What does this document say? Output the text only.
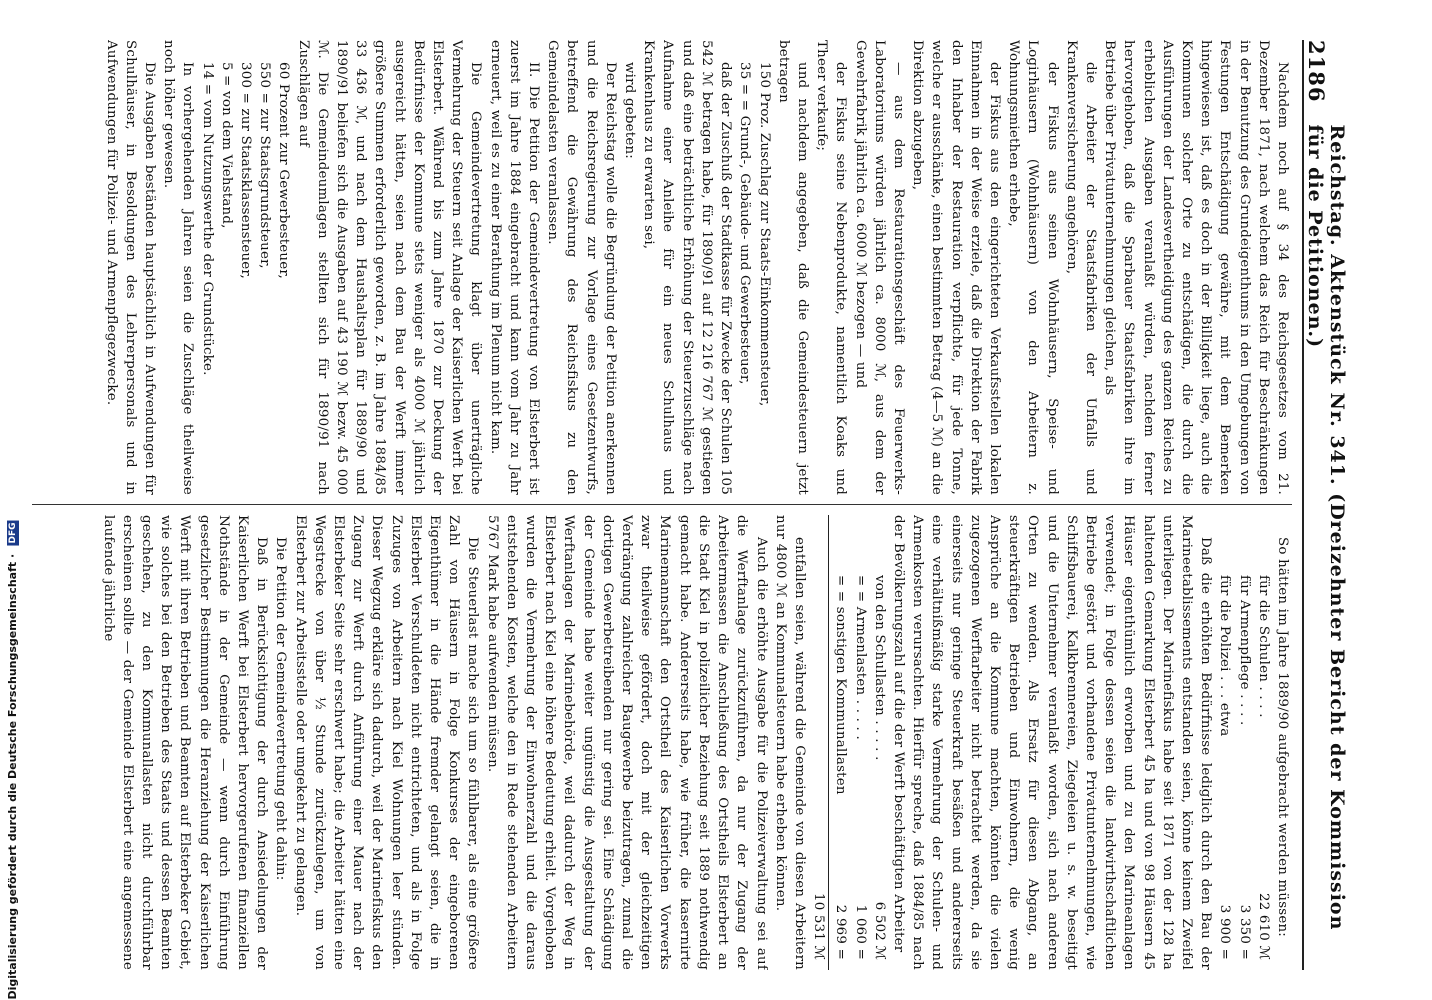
2186
Reichstag. Aktenstück Nr. 341. (Dreizehnter Bericht der Kommission für die Petitionen.)

Nachdem noch auf § 34 des Reichsgesetzes vom 21. Dezember 1871, nach welchem das Reich für Beschränkungen in der Benutzung des Grundeigenthums in den Umgebungen von Festungen Entschädigung gewähre, mit dem Bemerken hingewiesen ist, daß es doch in der Billigkeit liege, auch die Kommunen solcher Orte zu entschädigen, die durch die Ausführungen der Landesvertheidigung des ganzen Reiches zu erheblichen Ausgaben veranlaßt würden, nachdem ferner hervorgehoben, daß die Sparbauer Staatsfabriken ihre im Betriebe über Privatunternehmungen gleichen, als

die Arbeiter der Staatsfabriken der Unfalls und Krankenversicherung angehören,

der Fiskus aus seinen Wohnhäusern, Speise- und Logirhäusern (Wohnhäusern) von den Arbeitern z. Wohnungsmiethen erhebe,

der Fiskus aus den eingerichteten Verkaufsstellen lokalen Einnahmen in der Weise erziele, daß die Direktion der Fabrik den Inhaber der Restauration verpflichte, für jede Tonne, welche er ausschänke, einen bestimmten Betrag (4—5 ℳ) an die Direktion abzugeben,

— aus dem Restaurationsgeschäft des Feuerwerks-Laboratoriums würden jährlich ca. 8000 ℳ, aus dem der Gewehrfabrik jährlich ca. 6000 ℳ bezogen — und

der Fiskus seine Nebenprodukte, namentlich Koaks und Theer verkaufe;

und nachdem angegeben, daß die Gemeindesteuern jetzt betragen

150 Proz. Zuschlag zur Staats-Einkommensteuer,

35 = = Grund-, Gebäude- und Gewerbesteuer,

daß der Zuschuß der Stadtkasse für Zwecke der Schulen 105 542 ℳ betragen habe, für 1890/91 auf 12 216 767 ℳ gestiegen und daß eine beträchtliche Erhöhung der Steuerzuschläge nach Aufnahme einer Anleihe für ein neues Schulhaus und Krankenhaus zu erwarten sei,

wird gebeten:

Der Reichstag wolle die Begründung der Petition anerkennen und die Reichsregierung zur Vorlage eines Gesetzentwurfs, betreffend die Gewährung des Reichsfiskus zu den Gemeindelasten veranlassen.

II. Die Petition der Gemeindevertretung von Elsterbert ist zuerst im Jahre 1884 eingebracht und kann vom Jahr zu Jahr erneuert, weil es zu einer Berathung im Plenum nicht kam.

Die Gemeindevertretung klagt über unerträgliche Vermehrung der Steuern seit Anlage der Kaiserlichen Werft bei Elsterbert. Während bis zum Jahre 1870 zur Deckung der Bedürfnisse der Kommune stets weniger als 4000 ℳ jährlich ausgereicht hätten, seien nach dem Bau der Werft immer größere Summen erforderlich geworden, z. B. im Jahre 1884/85 33 436 ℳ, und nach dem Haushaltsplan für 1889/90 und 1890/91 beliefen sich die Ausgaben auf 43 190 ℳ bezw. 45 000 ℳ. Die Gemeindeumlagen stellten sich für 1890/91 nach Zuschlägen auf

60 Prozent zur Gewerbesteuer,

550 = zur Staatsgrundsteuer,

300 = zur Staatsklassensteuer,

5 = von dem Viehstand,

14 = vom Nutzungswerthe der Grundstücke.

In vorhergehenden Jahren seien die Zuschläge theilweise noch höher gewesen.

Die Ausgaben beständen hauptsächlich in Aufwendungen für Schulhäuser, in Besoldungen des Lehrerpersonals und in Aufwendungen für Polizei- und Armenpflegezwecke.

So hätten im Jahre 1889/90 aufgebracht werden müssen:

für die Schulen . . . .
22 610 ℳ
für Armenpflege . . . .
3 350 =
für die Polizei . . . etwa
3 900 =

Daß die erhöhten Bedürfnisse lediglich durch den Bau der Marineetablissements entstanden seien, könne keinem Zweifel unterliegen. Der Marinefiskus habe seit 1871 von der 128 ha haltenden Gemarkung Elsterbert 45 ha und von 98 Häusern 45 Häuser eigenthümlich erworben und zu den Marineanlagen verwendet; in Folge dessen seien die landwirthschaftlichen Betriebe gestört und vorhandene Privatunternehmungen, wie Schiffsbauerei, Kalkbrennereien, Ziegeleien u. s. w. beseitigt und die Unternehmer veranlaßt worden, sich nach anderen Orten zu wenden. Als Ersatz für diesen Abgang, an steuerkräftigen Betrieben und Einwohnern, die wenig Ansprüche an die Kommune machten, könnten die vielen zugezogenen Werftarbeiter nicht betrachtet werden, da sie einerseits nur geringe Steuerkraft besäßen und andererseits eine verhältnißmäßig starke Vermehrung der Schulen- und Armenkosten verursachten. Hierfür spreche, daß 1884/85 nach der Bevölkerungszahl auf die der Werft beschäftigten Arbeiter

von den Schullasten . . . . .
6 502 ℳ
= = Armenlasten . . . . .
1 060 =
= = sonstigen Kommunallasten
2 969 =
10 531 ℳ

entfallen seien, während die Gemeinde von diesen Arbeitern nur 4800 ℳ an Kommunalsteuern habe erheben können.

Auch die erhöhte Ausgabe für die Polizeiverwaltung sei auf die Werftanlage zurückzuführen, da nur der Zugang der Arbeitermassen die Anschließung des Ortstheils Elsterbert an die Stadt Kiel in polizeilicher Beziehung seit 1889 nothwendig gemacht habe. Andererseits habe, wie früher, die kasernirte Marinemannschaft den Ortstheil des Kaiserlichen Vorwerks zwar theilweise gefördert, doch mit der gleichzeitigen Verdrängung zahlreicher Baugewerbe beizutragen, zumal die dortigen Gewerbetreibenden nur gering sei. Eine Schädigung der Gemeinde habe weiter ungünstig die Ausgestaltung der Werftanlagen der Marinebehörde, weil dadurch der Weg in Elsterbert nach Kiel eine höhere Bedeutung erhielt. Vorgehoben wurden die Vermehrung der Einwohnerzahl und die daraus entstehenden Kosten, welche den in Rede stehenden Arbeitern 5767 Mark habe aufwenden müssen.

Die Steuerlast mache sich um so fühlbarer, als eine größere Zahl von Häusern in Folge Konkurses der eingeborenen Eigenthümer in die Hände fremder gelangt seien, die in Elsterbert Verschuldeten nicht entrichteten, und als in Folge Zuzuges von Arbeitern nach Kiel Wohnungen leer stünden. Dieser Wegzug erkläre sich dadurch, weil der Marinefiskus den Zugang zur Werft durch Anführung einer Mauer nach der Elsterbeker Seite sehr erschwert habe; die Arbeiter hätten eine Wegstrecke von über ½ Stunde zurückzulegen, um von Elsterbert zur Arbeitsstelle oder umgekehrt zu gelangen.

Die Petition der Gemeindevertretung geht dahin:

Daß in Berücksichtigung der durch Ansiedelungen der Kaiserlichen Werft bei Elsterbert hervorgerufenen finanziellen Nothstände in der Gemeinde — wenn durch Einführung gesetzlicher Bestimmungen die Heranziehung der Kaiserlichen Werft mit ihren Betrieben und Beamten auf Elsterbeker Gebiet, wie solches bei den Betrieben des Staats und dessen Beamten geschehen, zu den Kommunallasten nicht durchführbar erscheinen sollte — der Gemeinde Elsterbert eine angemessene laufende jährliche

Digitalisierung gefördert durch die Deutsche Forschungsgemeinschaft · DFG
